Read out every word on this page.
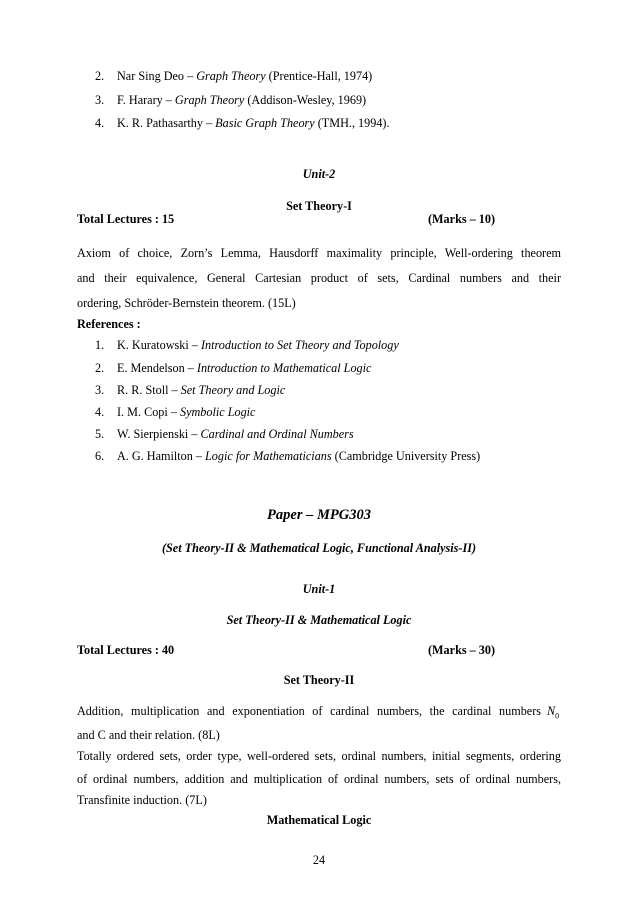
2. Nar Sing Deo – Graph Theory (Prentice-Hall, 1974)
3. F. Harary – Graph Theory (Addison-Wesley, 1969)
4. K. R. Pathasarthy – Basic Graph Theory (TMH., 1994).
Unit-2
Set Theory-I
Total Lectures : 15	(Marks – 10)
Axiom of choice, Zorn’s Lemma, Hausdorff maximality principle, Well-ordering theorem
and their equivalence, General Cartesian product of sets, Cardinal numbers and their
ordering, Schröder-Bernstein theorem. (15L)
References :
1. K. Kuratowski – Introduction to Set Theory and Topology
2. E. Mendelson – Introduction to Mathematical Logic
3. R. R. Stoll – Set Theory and Logic
4. I. M. Copi – Symbolic Logic
5. W. Sierpienski – Cardinal and Ordinal Numbers
6. A. G. Hamilton – Logic for Mathematicians (Cambridge University Press)
Paper – MPG303
(Set Theory-II & Mathematical Logic, Functional Analysis-II)
Unit-1
Set Theory-II & Mathematical Logic
Total Lectures : 40	(Marks – 30)
Set Theory-II
Addition, multiplication and exponentiation of cardinal numbers, the cardinal numbers $N_0$
and C and their relation. (8L)
Totally ordered sets, order type, well-ordered sets, ordinal numbers, initial segments, ordering
of ordinal numbers, addition and multiplication of ordinal numbers, sets of ordinal numbers,
Transfinite induction. (7L)
Mathematical Logic
24
